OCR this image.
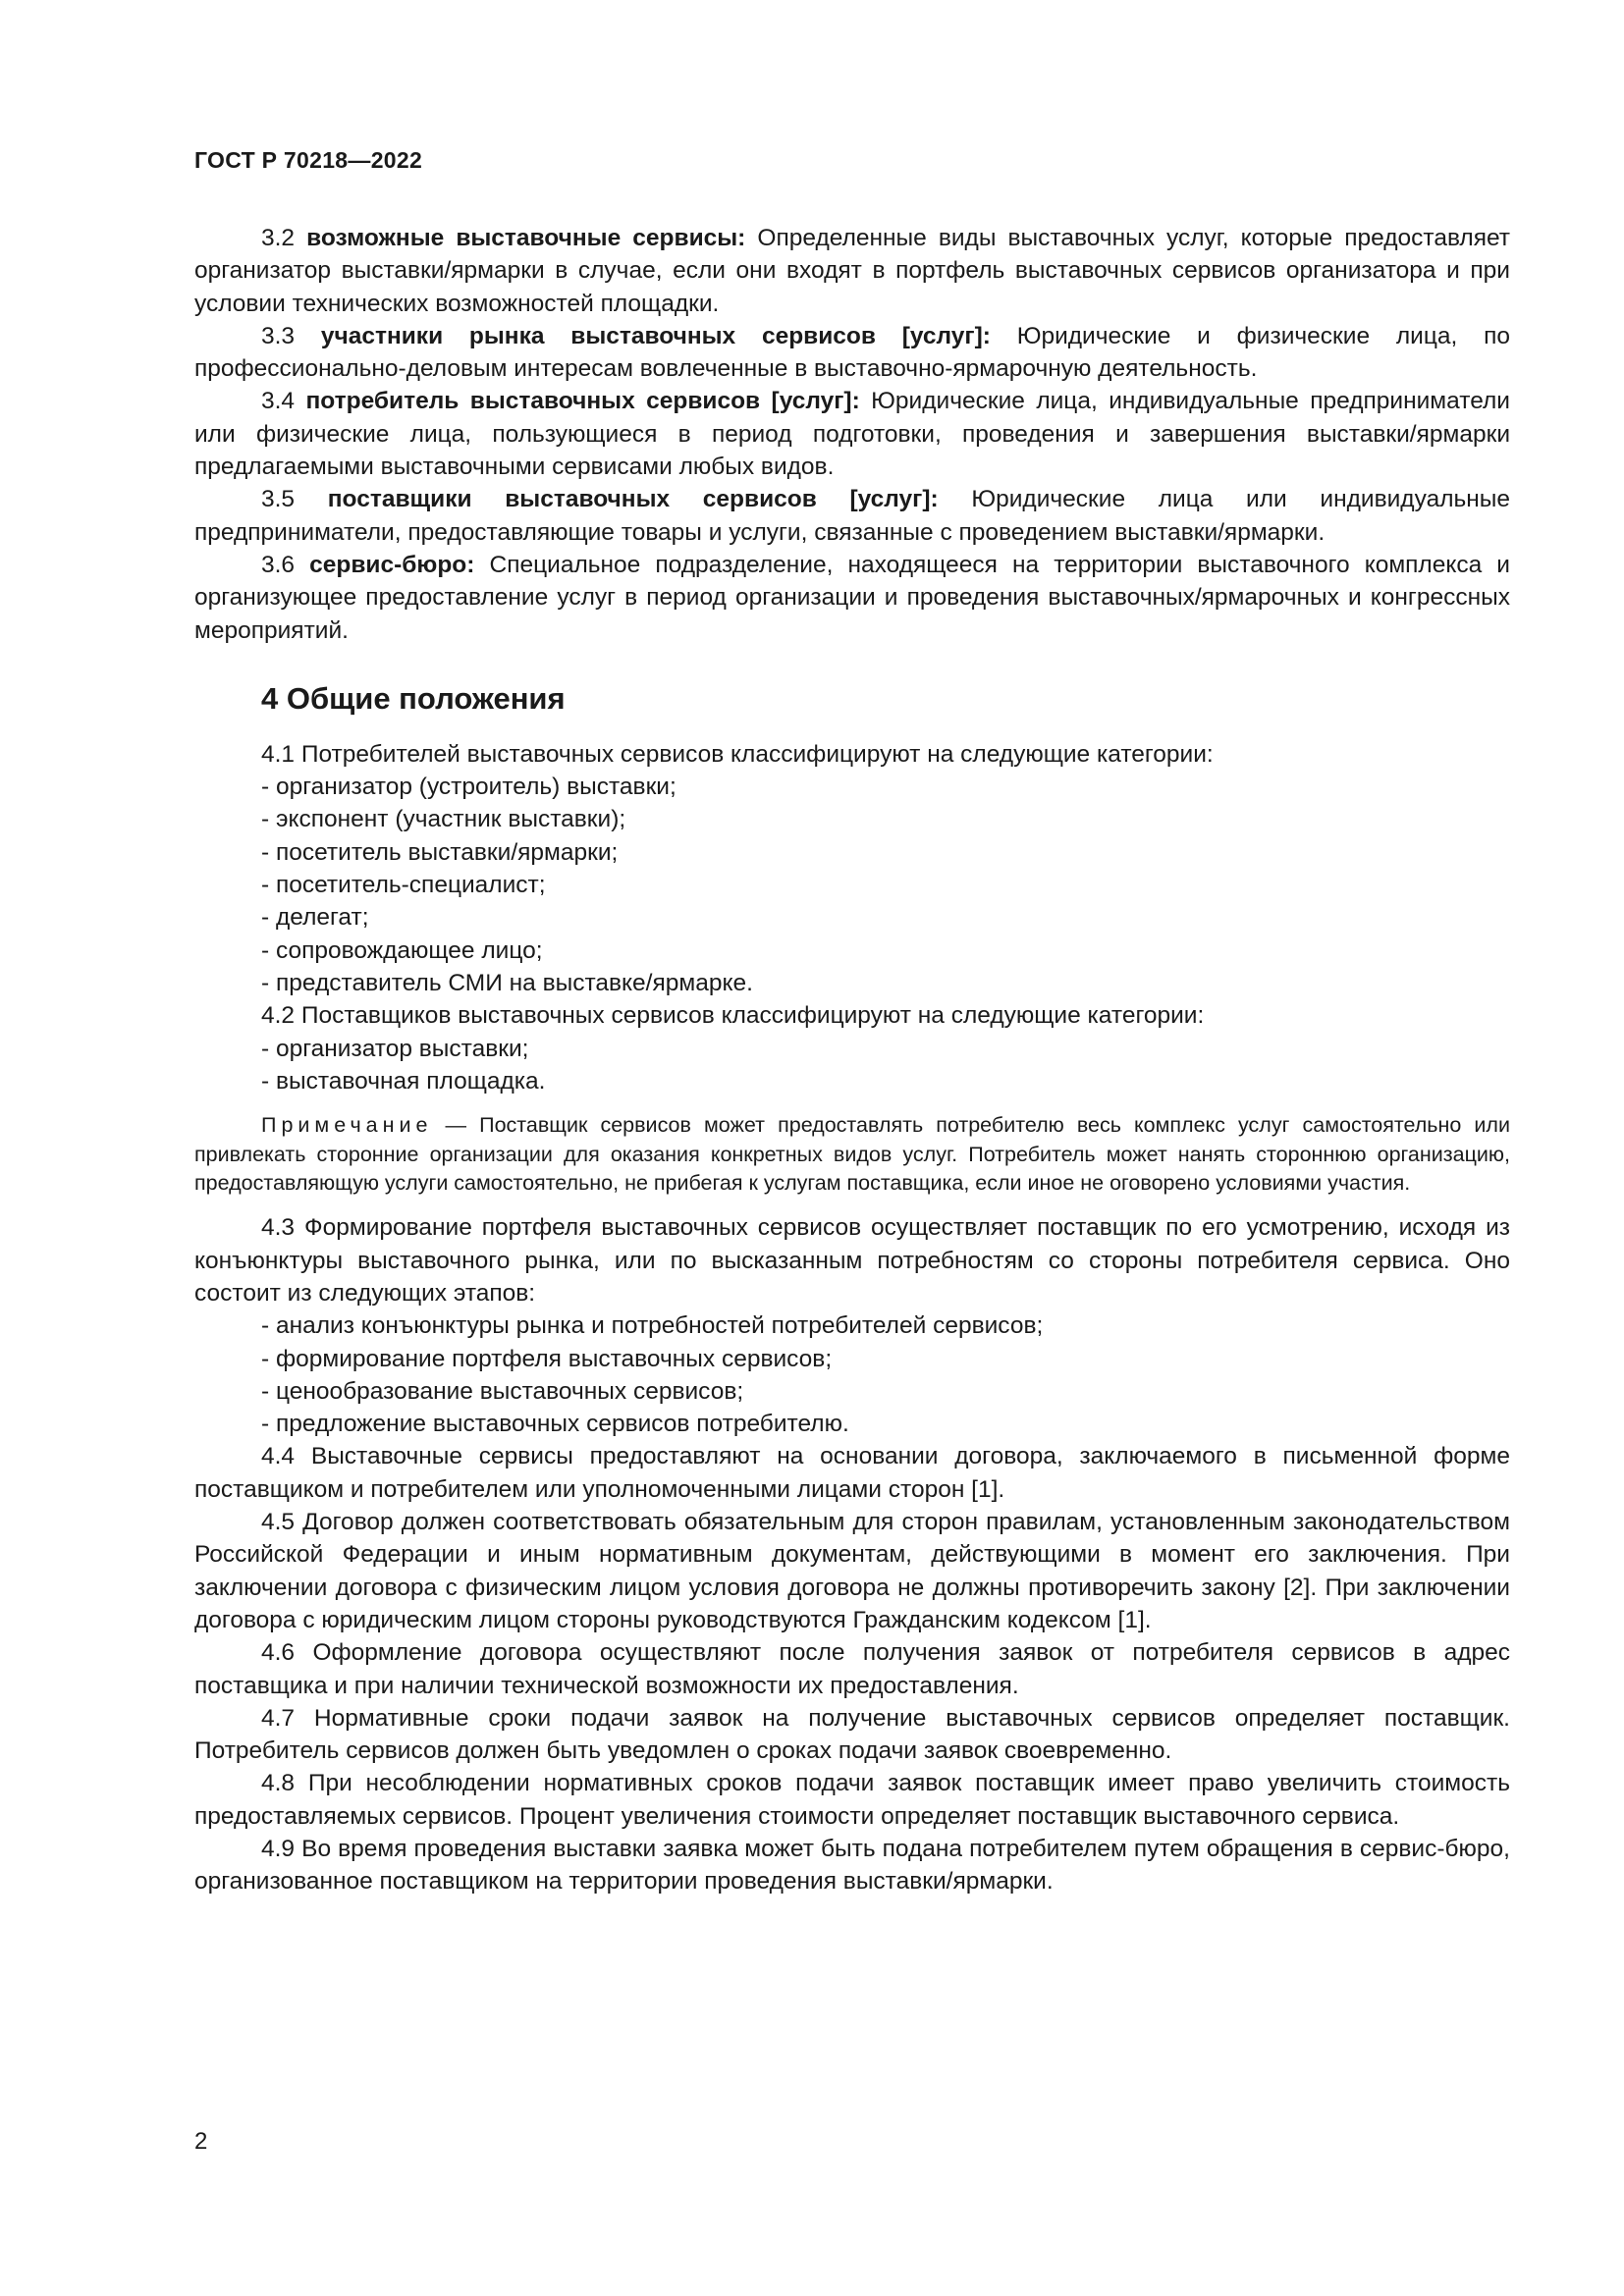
ГОСТ Р 70218—2022

3.2 возможные выставочные сервисы: Определенные виды выставочных услуг, которые предоставляет организатор выставки/ярмарки в случае, если они входят в портфель выставочных сервисов организатора и при условии технических возможностей площадки.

3.3 участники рынка выставочных сервисов [услуг]: Юридические и физические лица, по профессионально-деловым интересам вовлеченные в выставочно-ярмарочную деятельность.

3.4 потребитель выставочных сервисов [услуг]: Юридические лица, индивидуальные предприниматели или физические лица, пользующиеся в период подготовки, проведения и завершения выставки/ярмарки предлагаемыми выставочными сервисами любых видов.

3.5 поставщики выставочных сервисов [услуг]: Юридические лица или индивидуальные предприниматели, предоставляющие товары и услуги, связанные с проведением выставки/ярмарки.

3.6 сервис-бюро: Специальное подразделение, находящееся на территории выставочного комплекса и организующее предоставление услуг в период организации и проведения выставочных/ярмарочных и конгрессных мероприятий.

4 Общие положения

4.1 Потребителей выставочных сервисов классифицируют на следующие категории:

- организатор (устроитель) выставки;
- экспонент (участник выставки);
- посетитель выставки/ярмарки;
- посетитель-специалист;
- делегат;
- сопровождающее лицо;
- представитель СМИ на выставке/ярмарке.

4.2 Поставщиков выставочных сервисов классифицируют на следующие категории:

- организатор выставки;
- выставочная площадка.
Примечание — Поставщик сервисов может предоставлять потребителю весь комплекс услуг самостоятельно или привлекать сторонние организации для оказания конкретных видов услуг. Потребитель может нанять стороннюю организацию, предоставляющую услуги самостоятельно, не прибегая к услугам поставщика, если иное не оговорено условиями участия.

4.3 Формирование портфеля выставочных сервисов осуществляет поставщик по его усмотрению, исходя из конъюнктуры выставочного рынка, или по высказанным потребностям со стороны потребителя сервиса. Оно состоит из следующих этапов:

- анализ конъюнктуры рынка и потребностей потребителей сервисов;
- формирование портфеля выставочных сервисов;
- ценообразование выставочных сервисов;
- предложение выставочных сервисов потребителю.

4.4 Выставочные сервисы предоставляют на основании договора, заключаемого в письменной форме поставщиком и потребителем или уполномоченными лицами сторон [1].

4.5 Договор должен соответствовать обязательным для сторон правилам, установленным законодательством Российской Федерации и иным нормативным документам, действующими в момент его заключения. При заключении договора с физическим лицом условия договора не должны противоречить закону [2]. При заключении договора с юридическим лицом стороны руководствуются Гражданским кодексом [1].

4.6 Оформление договора осуществляют после получения заявок от потребителя сервисов в адрес поставщика и при наличии технической возможности их предоставления.

4.7 Нормативные сроки подачи заявок на получение выставочных сервисов определяет поставщик. Потребитель сервисов должен быть уведомлен о сроках подачи заявок своевременно.

4.8 При несоблюдении нормативных сроков подачи заявок поставщик имеет право увеличить стоимость предоставляемых сервисов. Процент увеличения стоимости определяет поставщик выставочного сервиса.

4.9 Во время проведения выставки заявка может быть подана потребителем путем обращения в сервис-бюро, организованное поставщиком на территории проведения выставки/ярмарки.

2
